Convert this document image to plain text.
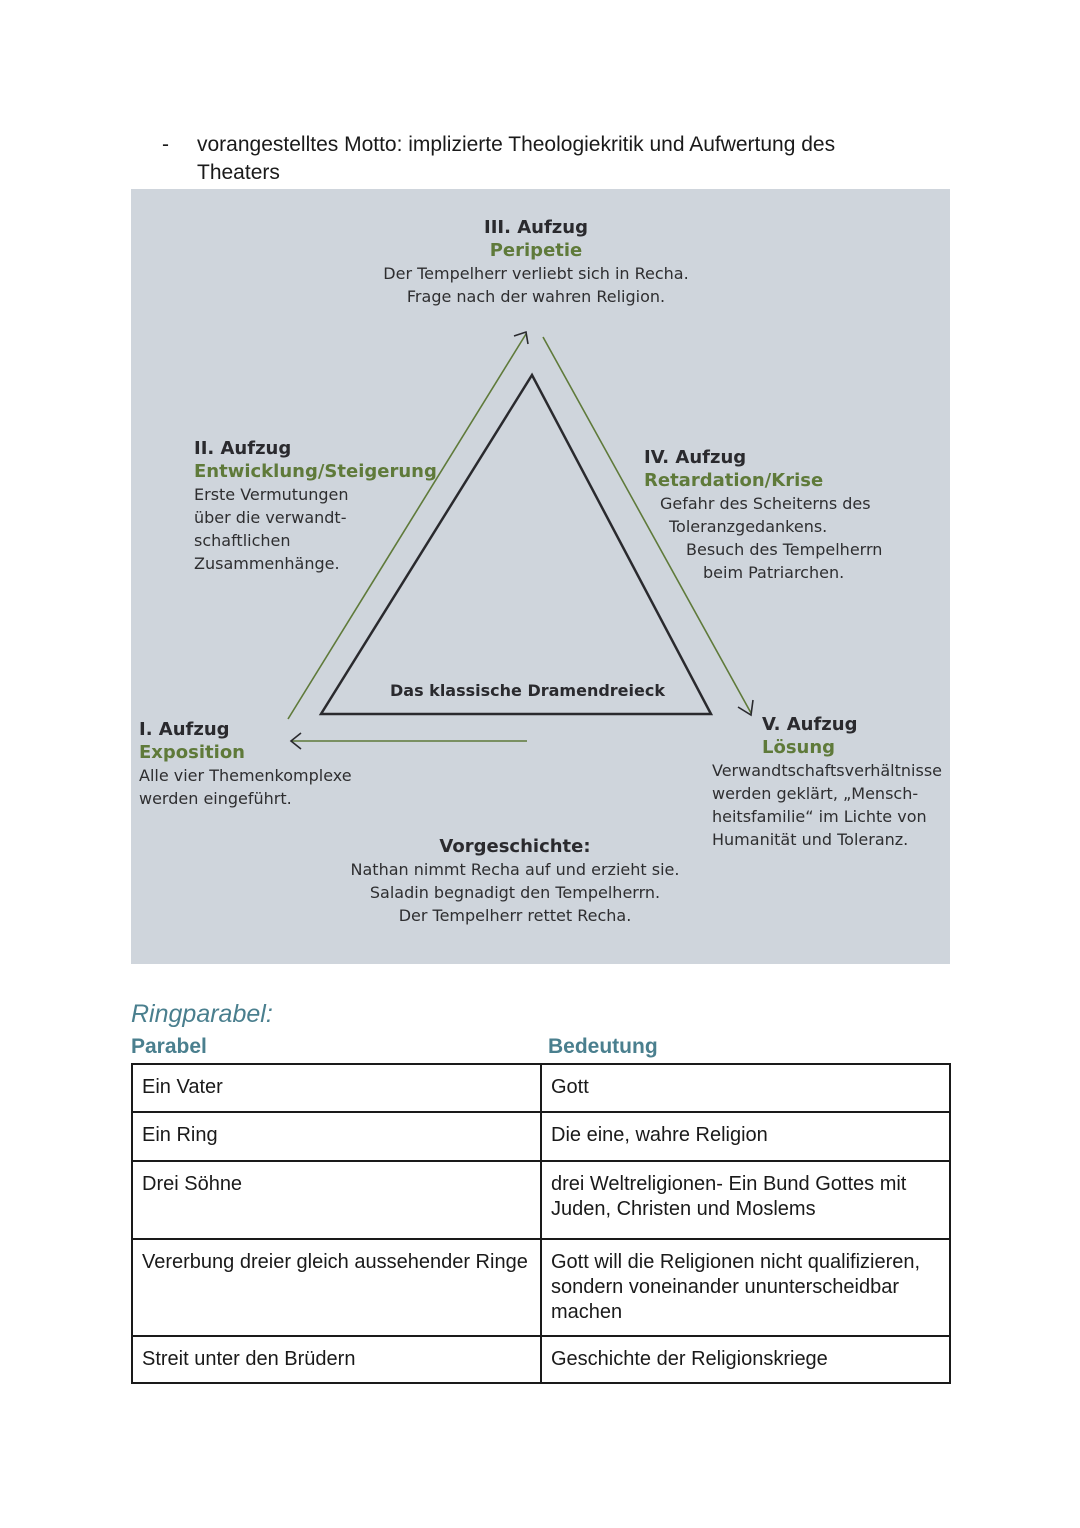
- vorangestelltes Motto: implizierte Theologiekritik und Aufwertung des Theaters
Das klassische Dramendreieck
III. Aufzug
Peripetie
Der Tempelherr verliebt sich in Recha.
Frage nach der wahren Religion.
II. Aufzug
Entwicklung/Steigerung
Erste Vermutungen
über die verwandt-
schaftlichen
Zusammenhänge.
IV. Aufzug
Retardation/Krise
Gefahr des Scheiterns des
Toleranzgedankens.
Besuch des Tempelherrn
beim Patriarchen.
I. Aufzug
Exposition
Alle vier Themenkomplexe
werden eingeführt.
V. Aufzug
Lösung
Verwandtschaftsverhältnisse
werden geklärt, „Mensch-
heitsfamilie“ im Lichte von
Humanität und Toleranz.
Vorgeschichte:
Nathan nimmt Recha auf und erzieht sie.
Saladin begnadigt den Tempelherrn.
Der Tempelherr rettet Recha.
Ringparabel:
Parabel	Bedeutung
Ein Vater	Gott
Ein Ring	Die eine, wahre Religion
Drei Söhne	drei Weltreligionen- Ein Bund Gottes mit Juden, Christen und Moslems
Vererbung dreier gleich aussehender Ringe	Gott will die Religionen nicht qualifizieren, sondern voneinander ununterscheidbar machen
Streit unter den Brüdern	Geschichte der Religionskriege
